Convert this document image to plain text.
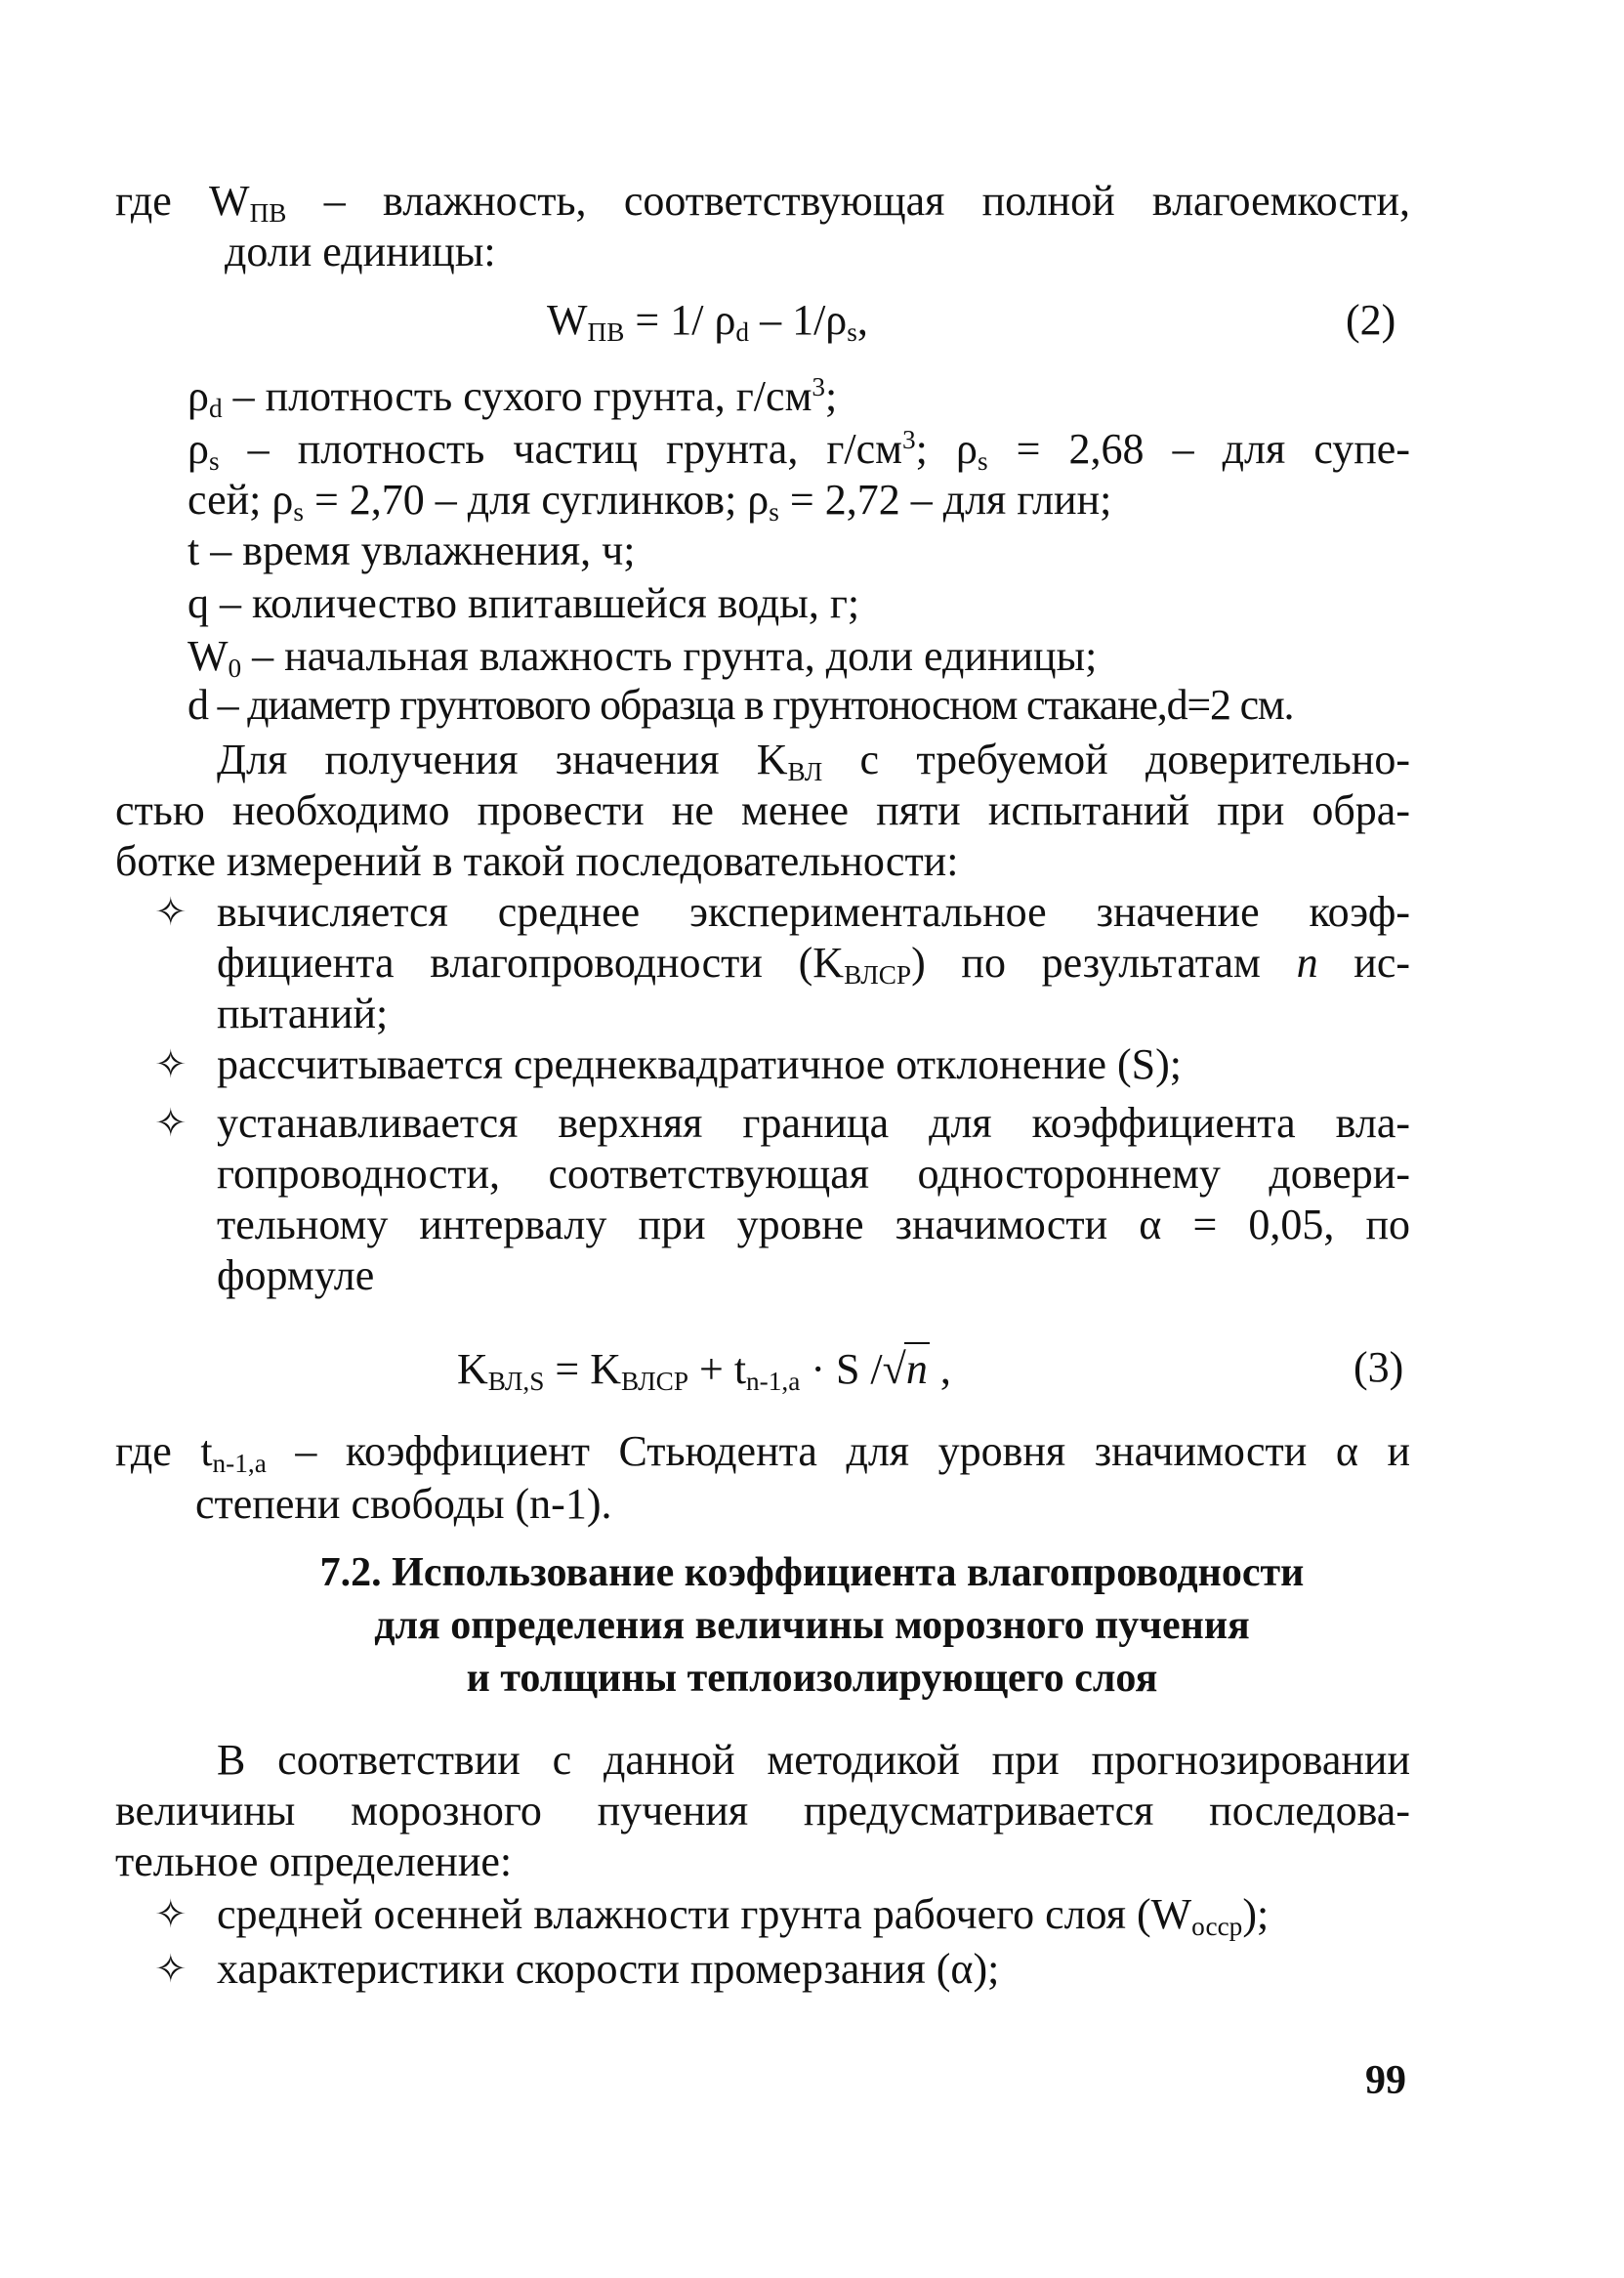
где $W_{ПВ}$ – влажность, соответствующая полной влагоемкости,
доли единицы:
$W_{ПВ} = 1/$ $\rho_d - 1/\rho_s$,	(2)
$\rho_d$ – плотность сухого грунта, $г/см^3$;
$\rho_s$ – плотность частиц грунта, $г/см^3$; $\rho_s = 2,68$ – для супе-
сей; $\rho_s = 2,70$ – для суглинков; $\rho_s = 2,72$ – для глин;
t – время увлажнения, ч;
q – количество впитавшейся воды, г;
$W_0$ – начальная влажность грунта, доли единицы;
d – диаметр грунтового образца в грунтоносном стакане,d=2 см.
Для получения значения $K_{ВЛ}$ с требуемой доверительно-
стью необходимо провести не менее пяти испытаний при обра-
ботке измерений в такой последовательности:
✧ вычисляется среднее экспериментальное значение коэф-
фициента влагопроводности $(K_{ВЛСР})$ по результатам n ис-
пытаний;
✧ рассчитывается среднеквадратичное отклонение (S);
✧ устанавливается верхняя граница для коэффициента вла-
гопроводности, соответствующая одностороннему довери-
тельному интервалу при уровне значимости α = 0,05, по
формуле
$K_{ВЛ,S} = K_{ВЛСР} + t_{n-1,a} \cdot S$ /√n ,	(3)
где $t_{n-1,a}$ – коэффициент Стьюдента для уровня значимости α и
степени свободы (n-1).
7.2. Использование коэффициента влагопроводности
для определения величины морозного пучения
и толщины теплоизолирующего слоя
В соответствии с данной методикой при прогнозировании
величины морозного пучения предусматривается последова-
тельное определение:
✧ средней осенней влажности грунта рабочего слоя $(W_{осср})$;
✧ характеристики скорости промерзания (α);
99
